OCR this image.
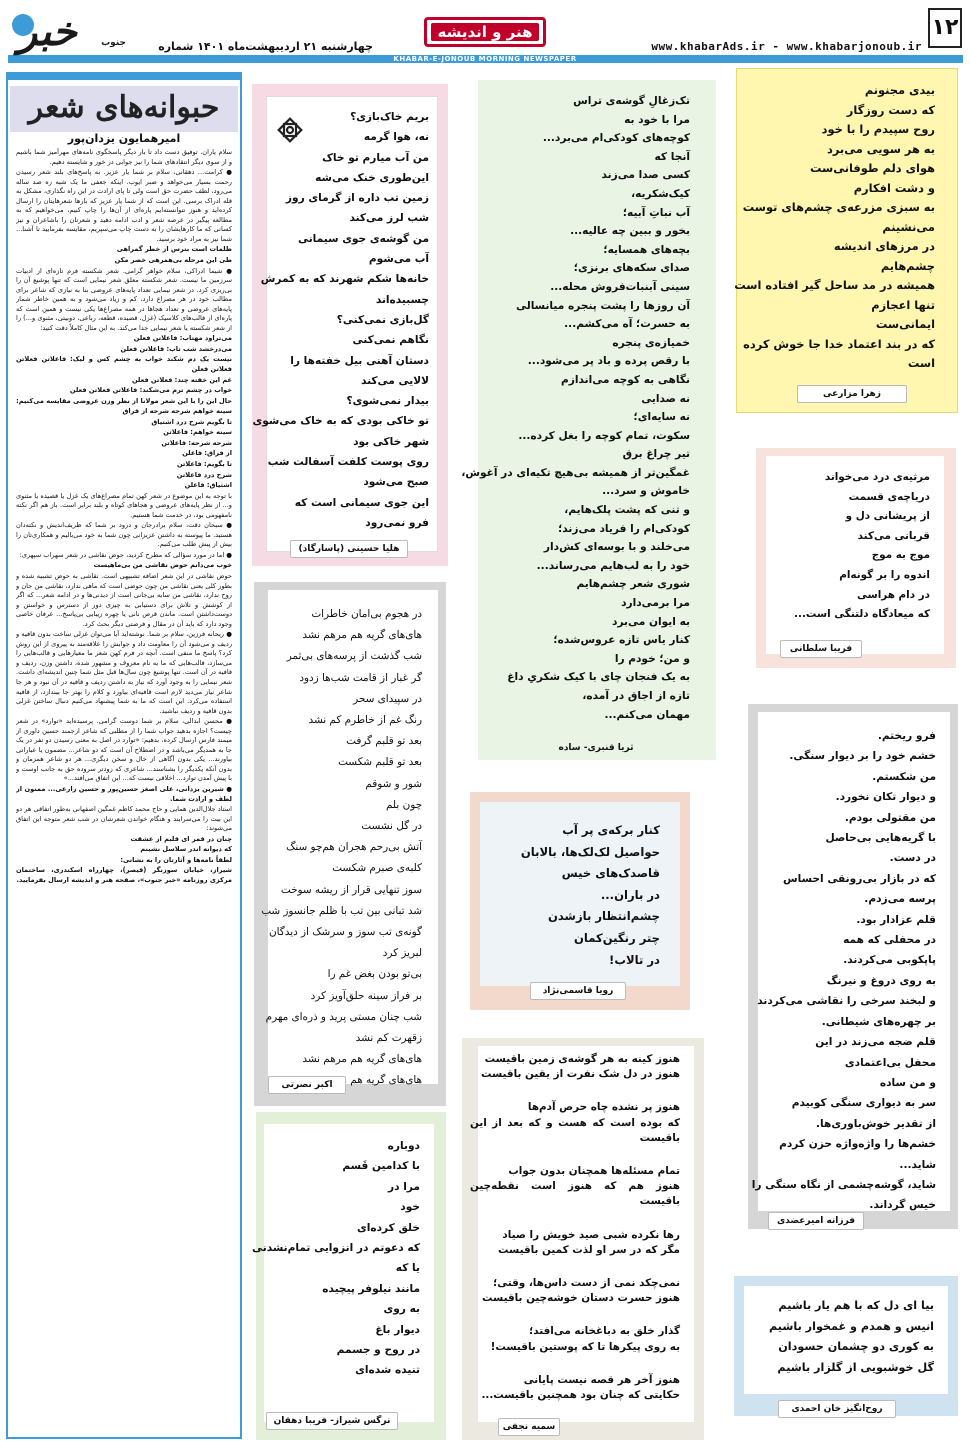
۱۲
www.khabarAds.ir - www.khabarjonoub.ir
هنر و اندیشه
چهارشنبه ۲۱ اردیبهشت‌ماه ۱۴۰۱ شماره
KHABAR-E-JONOUB MORNING NEWSPAPER
خبر	جنوب
حبوانه‌های شعر
امیرهمایون یزدان‌پور

سلام یاران. توفیق دست داد تا بار دیگر پاسخگوی نامه‌های مهرآمیز شما باشیم و از سوی دیگر انتقادهای شما را نیز جوابی در خور و شایسته دهیم.

● کرامت... دهقانی، سلام بر شما یار عزیز. به پاسخ‌های بلند شعر رسیدن رحمت بسیار می‌خواهد و صبر ایوب. اینکه جعفی ما یک شبه ره صد ساله می‌رود، لطف حضرت حق است ولی تا پای ارادت در این راه نگذاری، مشکل به قله ادراک برسی. این است که از شما یار عزیز که بارها شعرهایتان را ارسال کرده‌اید و هنوز نتوانسته‌ایم پاره‌ای از آن‌ها را چاپ کنیم، می‌خواهیم که به مطالعه پیگیر در عرصه شعر و ادب ادامه دهید و شعرتان را باشاعران و نیز کسانی که ما کارها‌یشان را به دست چاپ می‌سپریم، مقایسه بفرمایید تا آشنا... شما نیز به مراد خود برسید.

ظلمات است بترس از خطر گمراهی

طی این مرحله بی‌همرهی خضر مکن

● شیما ادراکی، سلام خواهر گرامی. شعر شکسته فرم تازه‌ای از ادبیات سرزمین ما نیست. شعر شکسته معلق شعر نیمایی است که تنها پوشیع آن را بی‌ریزی کرد. در شعر نیمایی تعداد پایه‌های عروضی بنا به نیازی که شاعر برای مطالب خود در هر مصراع دارد، کم و زیاد می‌شود و به همین خاطر شمار پایه‌های عروضی و تعداد هجاها در همه مصراع‌ها یکی نیست و همین است که پاره‌ای از قالب‌های کلاسیک (غزل، قصیده، قطعه، رباعی، دوبیتی، مثنوی و...) را از شعر شکسته یا شعر نیمایی جدا می‌کند. به این مثال کاملاً دقت کنید:

می‌تراود مهتاب: فاعلاتن فعلن

می‌درخشد شب تاب: فاعلاتن فعلن

نیست یک دم شکند خواب به چشم کس و لیک: فاعلاتن فعلاتن فعلاتن فعلن

غم این خفته چند: فعلاتن فعلن

خواب در چشم ترم می‌شکند: فاعلاتن فعلاتن فعلن

حال این را با این شعر مولانا از نظر وزن عروضی مقایسه می‌کنیم:

سینه خواهم شرحه شرحه از فراق

تا بگویم شرح درد اشتیاق

سینه خواهم: فاعلاتن

شرحه شرحه: فاعلاتن

از فراق: فاعلن

تا بگویم: فاعلاتن

شرح درد فاعلاتن

اشتیاق: فاعلن

با توجه به این موضوع در شعر کهن تمام مصراع‌های یک غزل یا قصیده یا مثنوی و... از نظر پایه‌های عروضی و هجاهای کوتاه و بلند برابر است. باز هم اگر نکته نامفهومی بود، در خدمت شما هستیم.

● سبحان دقت، سلام برادرجان و درود بر شما که ظریف‌اندیش و نکته‌دان هستید. ما پیوسته به داشتن عزیزانی چون شما به خود می‌بالیم و همکاری‌تان را بیش از پیش طلب می‌کنیم.

● اما در مورد سؤالی که مطرح کردید، حوض نقاشی در شعر سهراب سپهری:

خوب می‌دانم حوض نقاشی من بی‌ماهیست

حوض نقاشی در این شعر اضافه تشبیهی است. نقاشی به حوض تشبیه شده و بطور کلی یعنی نقاشی من چون حوضی است که ماهی ندارد، نقاشی من جان و روح ندارد، نقاشی من سایه بی‌جانی است از دیدنی‌ها و در ادامه شعر... که اگر از کوشش و تلاش برای دستیابی به چیزی دور از دسترس و خواستن و دوست‌داشتن است. ماندن قرص نانی یا چهره زیبایی بی‌پاسخ... عرفان خاصی وجود دارد که باید آن در مقال و فرصتی دیگر بحث کرد.

● ریحانه فرزین، سلام بر شما. نوشته‌اید آیا می‌توان غزلی ساخت بدون قافیه و ردیف و می‌شود آن را معاومت داد و جوابش را علاقه‌مند به پیروی از این روش کرد؟ پاسخ ما منفی است. آنچه در فرم کهن شعر ما معیارهایی و قالب‌هایی را می‌سازد، قالب‌هایی که ما به نام معروف و مشهور شده، داشتن وزن، ردیف و قافیه در آن است. تنها پوشیع چون سال‌ها قبل مثل شما چنین اندیشه‌ای داشت. شعر نیمایی را به وجود آورد که نیاز به داشتن ردیف و قافیه در آن نبود و هر جا شاعر نیاز می‌دید لازم است قافیه‌ای بیاورد و کلام را بهتر جا بیندازد، از قافیه استفاده می‌کرد. این است که ما به شما پیشنهاد می‌کنیم دنبال ساختن غزلی بدون قافیه و ردیف نباشید.

● محسن ابدالی، سلام بر شما دوست گرامی. پرسیده‌اید «توارد» در شعر چیست؟ اجازه بدهید جواب شما را از مطلبی که شاعر ارجمند حسین داوری از میمند فارس ارسال کرده، بدهیم: «توارد در اصل به معنی رسیدن دو نفر در یک جا به همدیگر می‌باشد و در اصطلاح آن است که دو شاعر... مضمون یا عباراتی بیاورند... یکی بدون آگاهی از حال و سخن دیگری... هر دو شاعر همزمان و بدون آنکه یکدیگر را بشناسند... شاعری که زودتر سروده حق به جانب اوست و با پیش آمدن توارد... اخلاقی نیست که... این اتفاق می‌افتد...»

● شیرین یزدانی، علی اصغر حسین‌پور و حسین زارعی... ممنون از لطف و ارادت شما.

استاد جلال‌الدین همایی و حاج محمد کاظم غمگین اصفهانی به‌طور اتفاقی هر دو این بیت را می‌سرایند و هنگام خواندن شعرشان در شب شعر متوجه این اتفاق می‌شوند:

چنان در قمر ای قلبم از عشقت

که دیوانه اندر سلاسل نشینم

لطفاً نامه‌ها و آثارتان را به نشانی:

شیراز، خیابان سوزنگر (قیصر)، چهارراه اسکندری، ساختمان مرکزی روزنامه «خبر جنوب»، صفحه هنر و اندیشه ارسال بفرمایید.

بیدی مجنونم
که دست روزگار
روح سپیدم را با خود
به هر سویی می‌برد
هوای دلم طوفانی‌ست
و دشت افکارم
به سبزی مزرعه‌ی چشم‌های توست
می‌نشینم
در مرزهای اندیشه
چشم‌هایم
همیشه در مد ساحل گیر افتاده است
تنها اعجازم
ایمانی‌ست
که در بند اعتماد خدا جا خوش کرده
است
زهرا مزارعی
تک‌زغالِ گوشه‌ی تراس
مرا با خود به
کوچه‌های کودکی‌ام می‌برد...
آنجا که
کسی صدا می‌زند
کیک‌شکریه،
آب نباتِ آبیه؛
بخور و ببین چه عالیه...
بچه‌های همسایه؛
صدای سکه‌های برنزی؛
سینی آبنبات‌فروش محله...
آن روزها را پشت پنجره میانسالی
به حسرت؛ آه می‌کشم...
خمیازه‌ی پنجره
با رقص پرده و باد پر می‌شود...
نگاهی به کوچه می‌اندازم
نه صدایی
نه سایه‌ای؛
سکوت، تمام کوچه را بغل کرده...
تیر چراغ برق
غمگین‌تر از همیشه بی‌هیچ تکیه‌ای در آغوش،
خاموش و سرد...
و تنی که پشت پلک‌هایم،
کودکی‌ام را فریاد می‌زند؛
می‌خلند و با بوسه‌ای کش‌دار
خود را به لب‌هایم می‌رساند...
شوری شعر چشم‌هایم
مرا برمی‌دارد
به ایوان می‌برد
کنار یاس تازه عروس‌شده؛
و من؛ خودم را
به یک فنجان چای با کیک شکریِ داغ
تازه از اجاق در آمده،
مهمان می‌کنم...
ثریا قنبری- ساده
بریم خاک‌بازی؟
نه، هوا گرمه
من آب میارم تو خاک
این‌طوری خنک می‌شه
زمین تب داره از گرمای روز
شب لرز می‌کند
من گوشه‌ی جوی سیمانی
آب می‌شوم
خانه‌ها شکم شهرند که به کمرش
چسبیده‌اند
گل‌بازی نمی‌کنی؟
نگاهم نمی‌کنی
دستان آهنی بیل خفته‌ها را
لالایی می‌کند
بیدار نمی‌شوی؟
تو خاکی بودی که به خاک می‌شوی
شهر خاکی بود
روی پوست کلفت آسفالت شب
صبح می‌شود
این جوی سیمانی است که
فرو نمی‌رود
هلیا حسینی (پاسارگاد)
مرثیه‌ی درد می‌خواند
دریاچه‌ی قسمت
از پریشانی دل و
قربانی می‌کند
موج به موج
اندوه را بر گونه‌ام
در دام هراسی
که میعادگاه دلتنگی است...
فریبا سلطانی
فرو ریختم.
خشم خود را بر دیوار سنگی.
من شکستم.
و دیوار تکان نخورد.
من مقتولی بودم.
با گریه‌هایی بی‌حاصل
در دست.
که در بازار بی‌رونقی احساس
پرسه می‌زدم.
قلم عزادار بود.
در محفلی که همه
پاپکوبی می‌کردند.
به روی دروغ و نیرنگ
و لبخند سرخی را نقاشی می‌کردند
بر چهره‌های شیطانی.
قلم ضجه می‌زند در این
محفل بی‌اعتمادی
و من ساده
سر به دیواری سنگی کوبیدم
از تقدیر خوش‌باوری‌ها.
خشم‌ها را واژه‌واژه حزن کردم
شاید...
شاید، گوشه‌چشمی از نگاه سنگی را
خیس گرداند.
فرزانه امیرعضدی
در هجوم بی‌امان خاطرات
های‌های گریه هم مرهم نشد
شب گذشت از پرسه‌های بی‌ثمر
گر غبار از قامت شب‌ها زدود
در سپیدای سحر
رنگ غم از خاطرم کم نشد
بعد تو قلبم گرفت
بعد تو قلبم شکست
شور و شوقم
چون بلم
در گل نشست
آتش بی‌رحم هجران هم‌چو سنگ
کلبه‌ی صبرم شکست
سوز تنهایی قرار از ریشه سوخت
شد تبانی بین تب با ظلم جانسوز شب
گونه‌ی تب سوز و سرشک از دیدگان
لبریز کرد
بی‌تو بودن بغض غم را
بر فراز سینه حلق‌آویز کرد
شب چنان مستی پرید و ذره‌ای مهرم
زقهرت کم نشد
های‌های گریه هم مرهم نشد
های‌های گریه هم
اکبر نصرتی
کنار برکه‌ی پر آب
حواصیل لک‌لک‌ها، بالابان
قاصدک‌های خیس
در باران...
چشم‌انتظار بازشدن
چتر رنگین‌کمان
در تالاب!
رویا قاسمی‌نژاد
هنوز کینه به هر گوشه‌ی زمین باقیست
هنوز در دل شک نفرت از یقین باقیست
هنوز پر نشده چاه حرص آدم‌ها
که بوده است که هست و که بعد از این باقیست
تمام مسئله‌ها همچنان بدون جواب
هنوز هم که هنوز است نقطه‌چین باقیست
رها نکرده شبی صید خویش را صیاد
مگر که در سر او لذت کمین باقیست
نمی‌چکد نمی از دست داس‌ها، وقتی؛
هنوز حسرت دستان خوشه‌چین باقیست
گذار خلق به دباغخانه می‌افتد؛
به روی پیکرها تا که پوستین باقیست!
هنوز آخر هر قصه نیست پایانی
حکایتی که چنان بود همچنین باقیست...
سمیه نجفی
دوباره
با کدامین قَسم
مرا در
خود
خلق کرده‌ای
که دعوتم در انزوایی تمام‌نشدنی
یا که
مانند نیلوفر پیچیده
به روی
دیوار باغ
در روح و جسمم
تنیده شده‌ای
نرگس شیراز- فریبا دهقان
بیا ای دل که با هم یار باشیم
انیس و همدم و غمخوار باشیم
به کوری دو چشمان حسودان
گل خوشبویی از گلزار باشیم
روح‌انگیز خان احمدی
